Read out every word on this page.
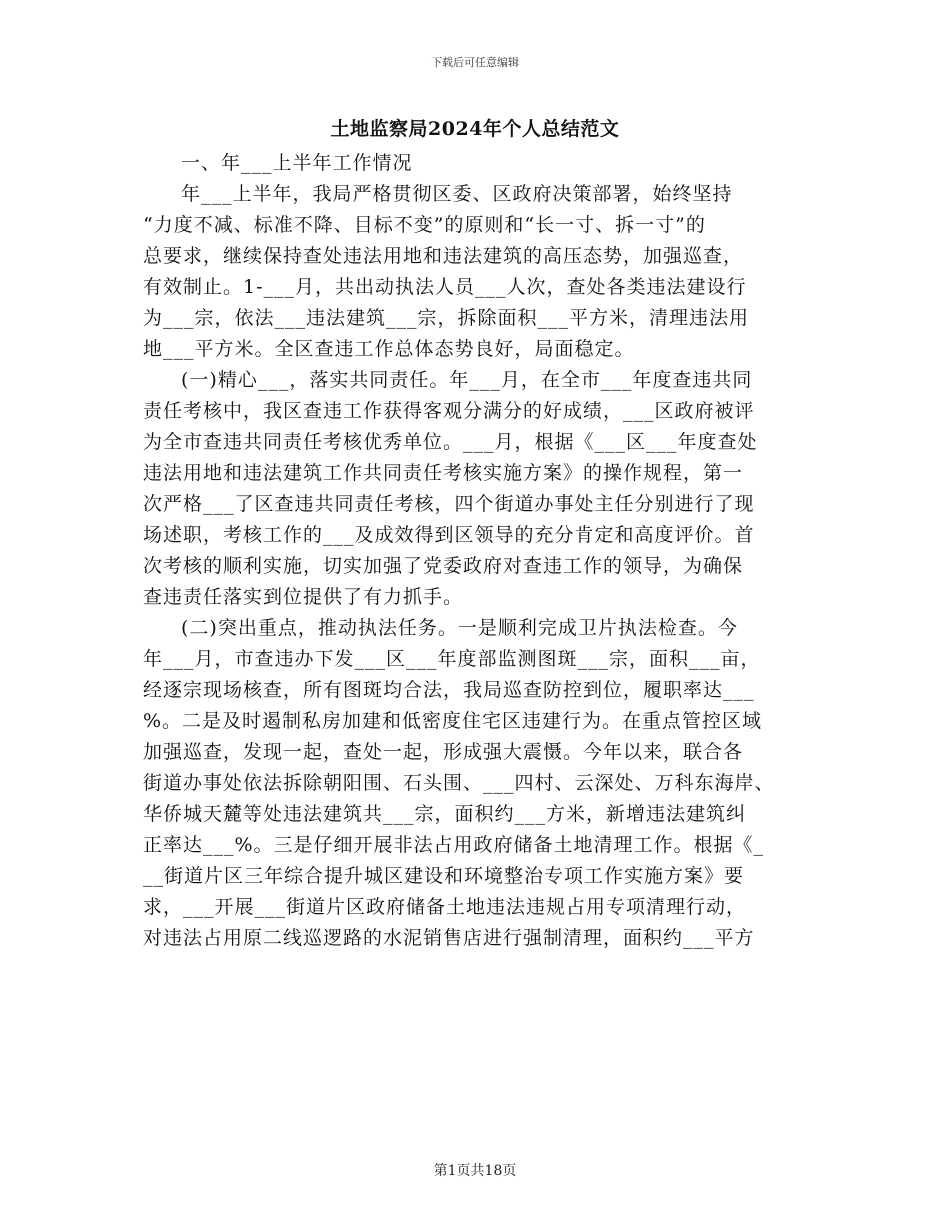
下载后可任意编辑
土地监察局2024年个人总结范文
一、年___上半年工作情况
年___上半年，我局严格贯彻区委、区政府决策部署，始终坚持
“力度不减、标准不降、目标不变”的原则和“长一寸、拆一寸”的
总要求，继续保持查处违法用地和违法建筑的高压态势，加强巡查，
有效制止。1-___月，共出动执法人员___人次，查处各类违法建设行
为___宗，依法___违法建筑___宗，拆除面积___平方米，清理违法用
地___平方米。全区查违工作总体态势良好，局面稳定。
(一)精心___，落实共同责任。年___月，在全市___年度查违共同
责任考核中，我区查违工作获得客观分满分的好成绩，___区政府被评
为全市查违共同责任考核优秀单位。___月，根据《___区___年度查处
违法用地和违法建筑工作共同责任考核实施方案》的操作规程，第一
次严格___了区查违共同责任考核，四个街道办事处主任分别进行了现
场述职，考核工作的___及成效得到区领导的充分肯定和高度评价。首
次考核的顺利实施，切实加强了党委政府对查违工作的领导，为确保
查违责任落实到位提供了有力抓手。
(二)突出重点，推动执法任务。一是顺利完成卫片执法检查。今
年___月，市查违办下发___区___年度部监测图斑___宗，面积___亩，
经逐宗现场核查，所有图斑均合法，我局巡查防控到位，履职率达___
%。二是及时遏制私房加建和低密度住宅区违建行为。在重点管控区域
加强巡查，发现一起，查处一起，形成强大震慑。今年以来，联合各
街道办事处依法拆除朝阳围、石头围、___四村、云深处、万科东海岸、
华侨城天麓等处违法建筑共___宗，面积约___方米，新增违法建筑纠
正率达___%。三是仔细开展非法占用政府储备土地清理工作。根据《_
__街道片区三年综合提升城区建设和环境整治专项工作实施方案》要
求，___开展___街道片区政府储备土地违法违规占用专项清理行动，
对违法占用原二线巡逻路的水泥销售店进行强制清理，面积约___平方
第1页共18页
